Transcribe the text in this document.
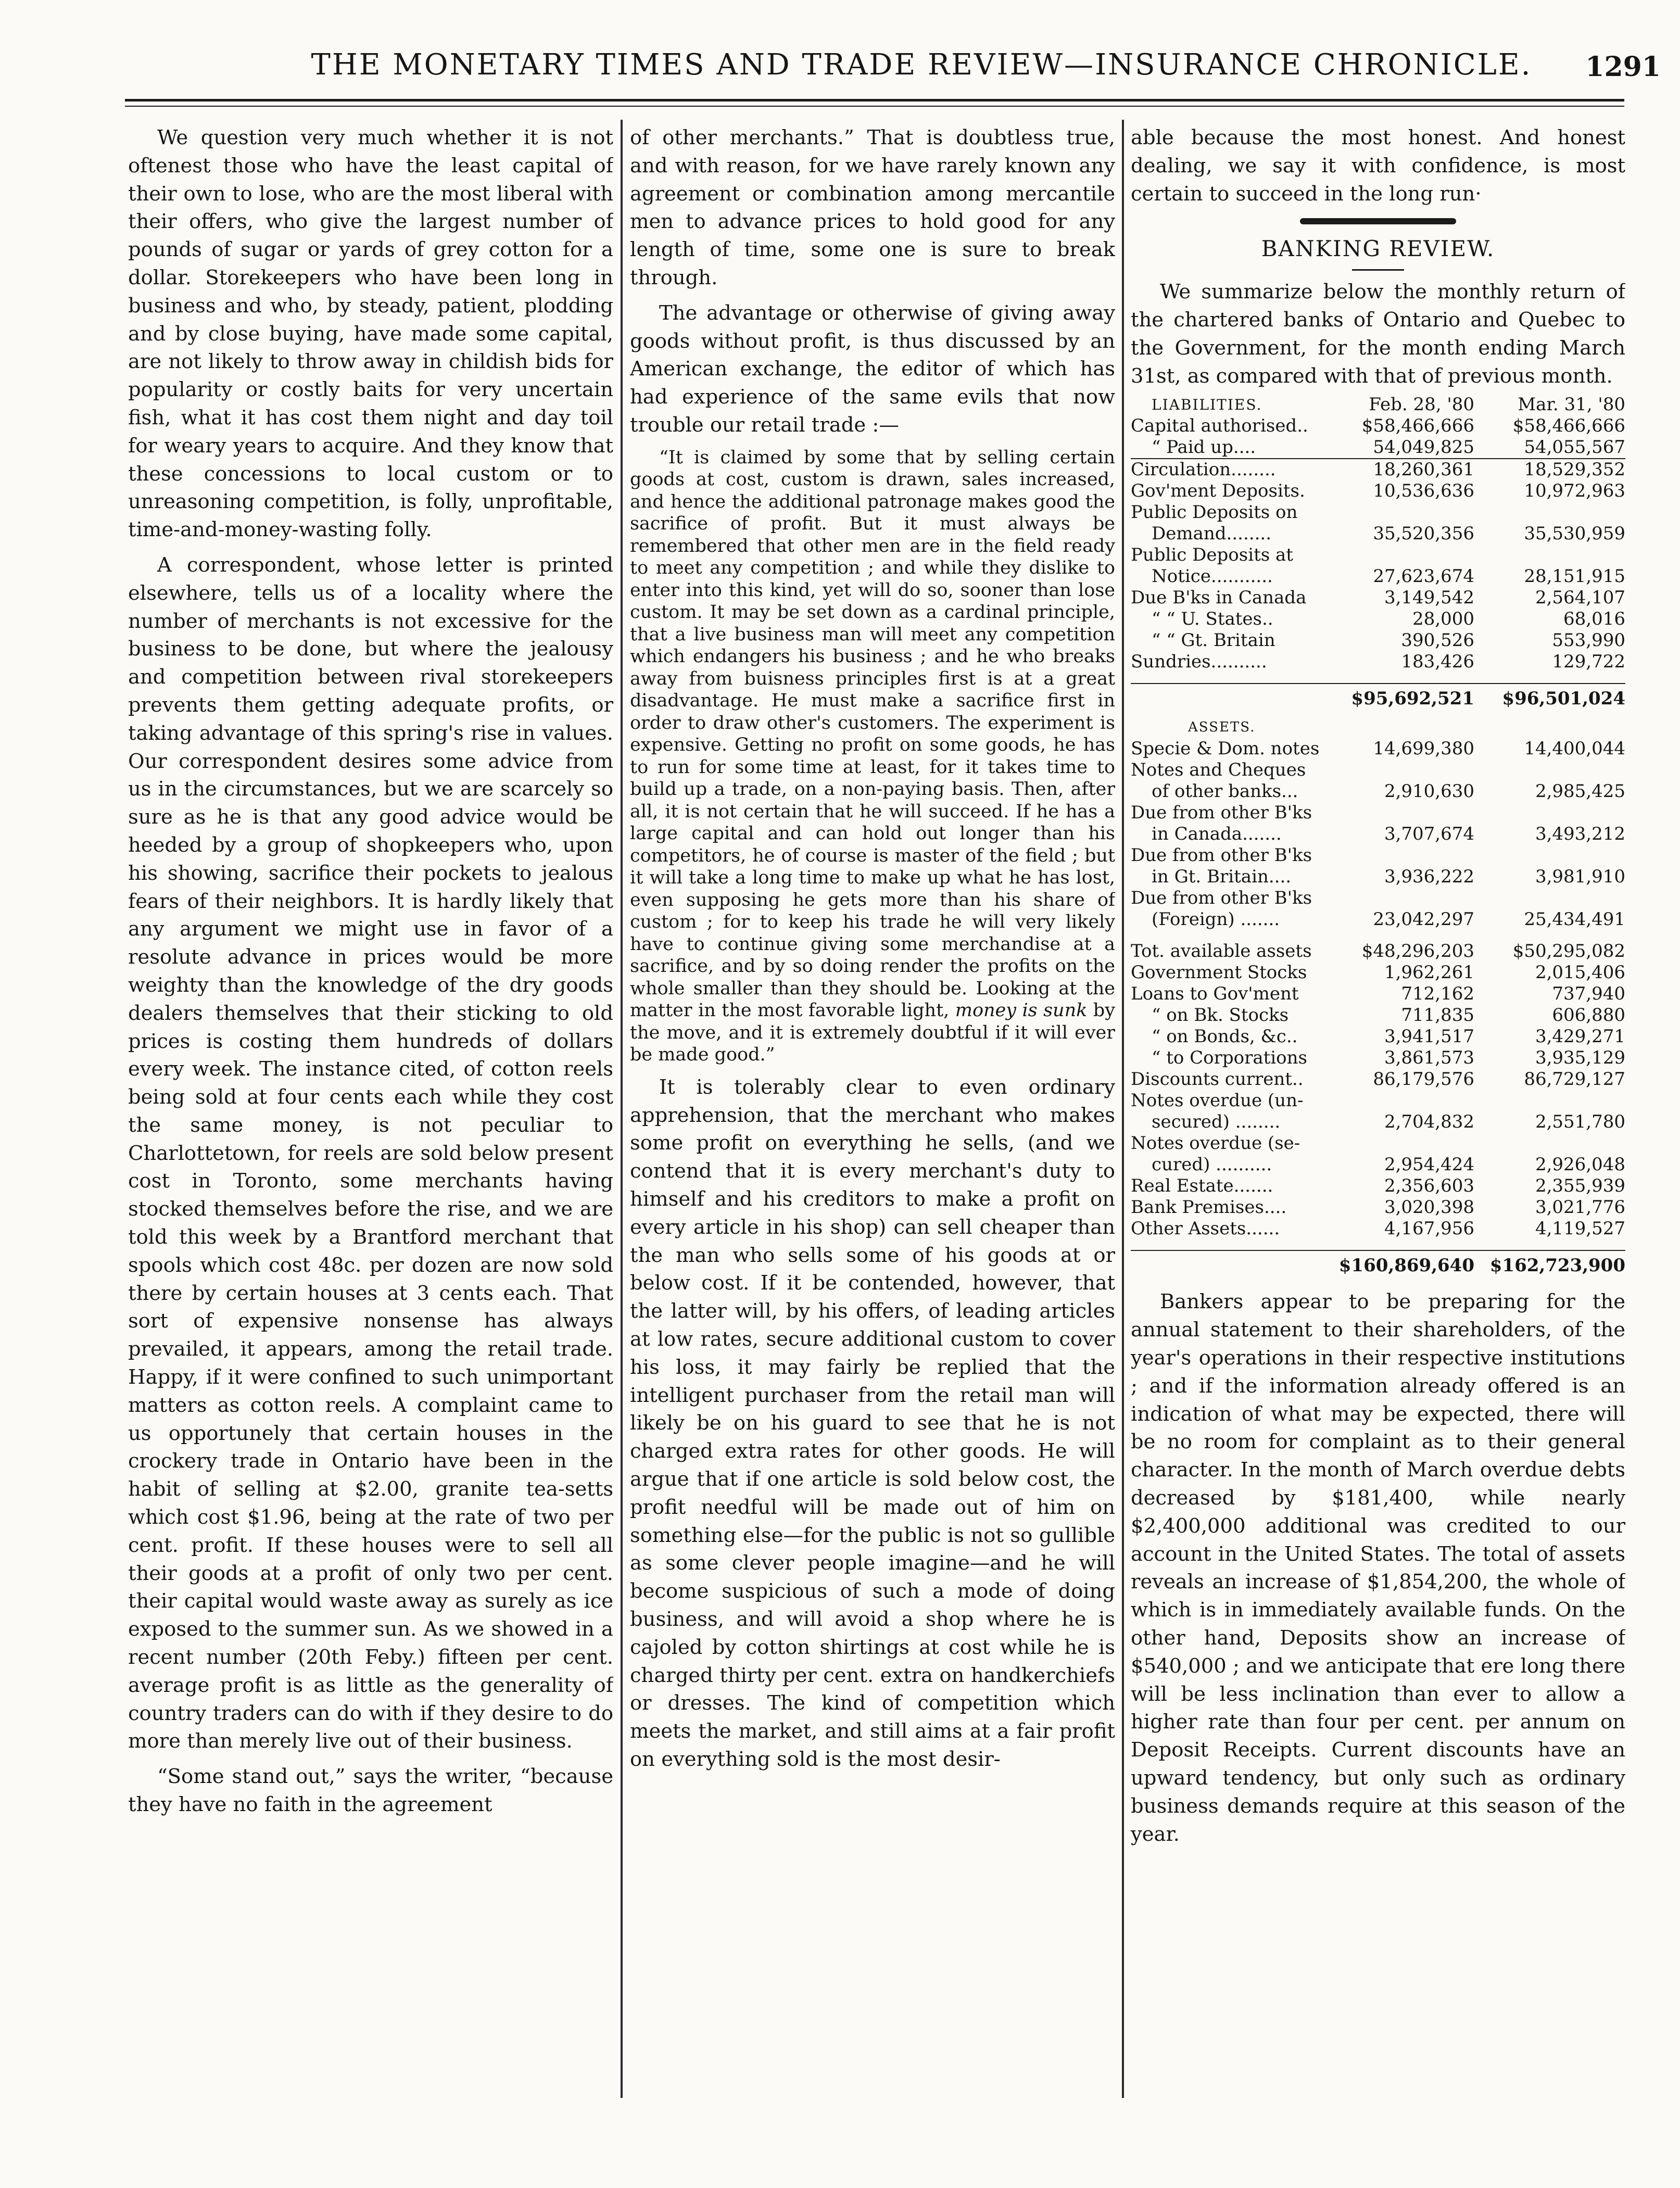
THE MONETARY TIMES AND TRADE REVIEW—INSURANCE CHRONICLE.	1291

We question very much whether it is not oftenest those who have the least capital of their own to lose, who are the most liberal with their offers, who give the largest number of pounds of sugar or yards of grey cotton for a dollar. Storekeepers who have been long in business and who, by steady, patient, plodding and by close buying, have made some capital, are not likely to throw away in childish bids for popularity or costly baits for very uncertain fish, what it has cost them night and day toil for weary years to acquire. And they know that these concessions to local custom or to unreasoning competition, is folly, unprofitable, time-and-money-wasting folly.

A correspondent, whose letter is printed elsewhere, tells us of a locality where the number of merchants is not excessive for the business to be done, but where the jealousy and competition between rival storekeepers prevents them getting adequate profits, or taking advantage of this spring's rise in values. Our correspondent desires some advice from us in the circumstances, but we are scarcely so sure as he is that any good advice would be heeded by a group of shopkeepers who, upon his showing, sacrifice their pockets to jealous fears of their neighbors. It is hardly likely that any argument we might use in favor of a resolute advance in prices would be more weighty than the knowledge of the dry goods dealers themselves that their sticking to old prices is costing them hundreds of dollars every week. The instance cited, of cotton reels being sold at four cents each while they cost the same money, is not peculiar to Charlottetown, for reels are sold below present cost in Toronto, some merchants having stocked themselves before the rise, and we are told this week by a Brantford merchant that spools which cost 48c. per dozen are now sold there by certain houses at 3 cents each. That sort of expensive nonsense has always prevailed, it appears, among the retail trade. Happy, if it were confined to such unimportant matters as cotton reels. A complaint came to us opportunely that certain houses in the crockery trade in Ontario have been in the habit of selling at $2.00, granite tea-setts which cost $1.96, being at the rate of two per cent. profit. If these houses were to sell all their goods at a profit of only two per cent. their capital would waste away as surely as ice exposed to the summer sun. As we showed in a recent number (20th Feby.) fifteen per cent. average profit is as little as the generality of country traders can do with if they desire to do more than merely live out of their business.

“Some stand out,” says the writer, “because they have no faith in the agreement

of other merchants.” That is doubtless true, and with reason, for we have rarely known any agreement or combination among mercantile men to advance prices to hold good for any length of time, some one is sure to break through.

The advantage or otherwise of giving away goods without profit, is thus discussed by an American exchange, the editor of which has had experience of the same evils that now trouble our retail trade :—

“It is claimed by some that by selling certain goods at cost, custom is drawn, sales increased, and hence the additional patronage makes good the sacrifice of profit. But it must always be remembered that other men are in the field ready to meet any competition ; and while they dislike to enter into this kind, yet will do so, sooner than lose custom. It may be set down as a cardinal principle, that a live business man will meet any competition which endangers his business ; and he who breaks away from buisness principles first is at a great disadvantage. He must make a sacrifice first in order to draw other's customers. The experiment is expensive. Getting no profit on some goods, he has to run for some time at least, for it takes time to build up a trade, on a non-paying basis. Then, after all, it is not certain that he will succeed. If he has a large capital and can hold out longer than his competitors, he of course is master of the field ; but it will take a long time to make up what he has lost, even supposing he gets more than his share of custom ; for to keep his trade he will very likely have to continue giving some merchandise at a sacrifice, and by so doing render the profits on the whole smaller than they should be. Looking at the matter in the most favorable light, money is sunk by the move, and it is extremely doubtful if it will ever be made good.”

It is tolerably clear to even ordinary apprehension, that the merchant who makes some profit on everything he sells, (and we contend that it is every merchant's duty to himself and his creditors to make a profit on every article in his shop) can sell cheaper than the man who sells some of his goods at or below cost. If it be contended, however, that the latter will, by his offers, of leading articles at low rates, secure additional custom to cover his loss, it may fairly be replied that the intelligent purchaser from the retail man will likely be on his guard to see that he is not charged extra rates for other goods. He will argue that if one article is sold below cost, the profit needful will be made out of him on something else—for the public is not so gullible as some clever people imagine—and he will become suspicious of such a mode of doing business, and will avoid a shop where he is cajoled by cotton shirtings at cost while he is charged thirty per cent. extra on handkerchiefs or dresses. The kind of competition which meets the market, and still aims at a fair profit on everything sold is the most desir-

able because the most honest. And honest dealing, we say it with confidence, is most certain to succeed in the long run·

BANKING REVIEW.

We summarize below the monthly return of the chartered banks of Ontario and Quebec to the Government, for the month ending March 31st, as compared with that of previous month.

LIABILITIES.	Feb. 28, '80	Mar. 31, '80
Capital authorised..	$58,466,666	$58,466,666
“ Paid up....	54,049,825	54,055,567
Circulation........	18,260,361	18,529,352
Gov'ment Deposits.	10,536,636	10,972,963
Public Deposits on		
Demand........	35,520,356	35,530,959
Public Deposits at		
Notice...........	27,623,674	28,151,915
Due B'ks in Canada	3,149,542	2,564,107
“ “ U. States..	28,000	68,016
“ “ Gt. Britain	390,526	553,990
Sundries..........	183,426	129,722

	$95,692,521	$96,501,024
ASSETS.		
Specie & Dom. notes	14,699,380	14,400,044
Notes and Cheques		
of other banks...	2,910,630	2,985,425
Due from other B'ks		
in Canada.......	3,707,674	3,493,212
Due from other B'ks		
in Gt. Britain....	3,936,222	3,981,910
Due from other B'ks		
(Foreign) .......	23,042,297	25,434,491

Tot. available assets	$48,296,203	$50,295,082
Government Stocks	1,962,261	2,015,406
Loans to Gov'ment	712,162	737,940
“ on Bk. Stocks	711,835	606,880
“ on Bonds, &c..	3,941,517	3,429,271
“ to Corporations	3,861,573	3,935,129
Discounts current..	86,179,576	86,729,127
Notes overdue (un-		
secured) ........	2,704,832	2,551,780
Notes overdue (se-		
cured) ..........	2,954,424	2,926,048
Real Estate.......	2,356,603	2,355,939
Bank Premises....	3,020,398	3,021,776
Other Assets......	4,167,956	4,119,527

	$160,869,640	$162,723,900

Bankers appear to be preparing for the annual statement to their shareholders, of the year's operations in their respective institutions ; and if the information already offered is an indication of what may be expected, there will be no room for complaint as to their general character. In the month of March overdue debts decreased by $181,400, while nearly $2,400,000 additional was credited to our account in the United States. The total of assets reveals an increase of $1,854,200, the whole of which is in immediately available funds. On the other hand, Deposits show an increase of $540,000 ; and we anticipate that ere long there will be less inclination than ever to allow a higher rate than four per cent. per annum on Deposit Receipts. Current discounts have an upward tendency, but only such as ordinary business demands require at this season of the year.
